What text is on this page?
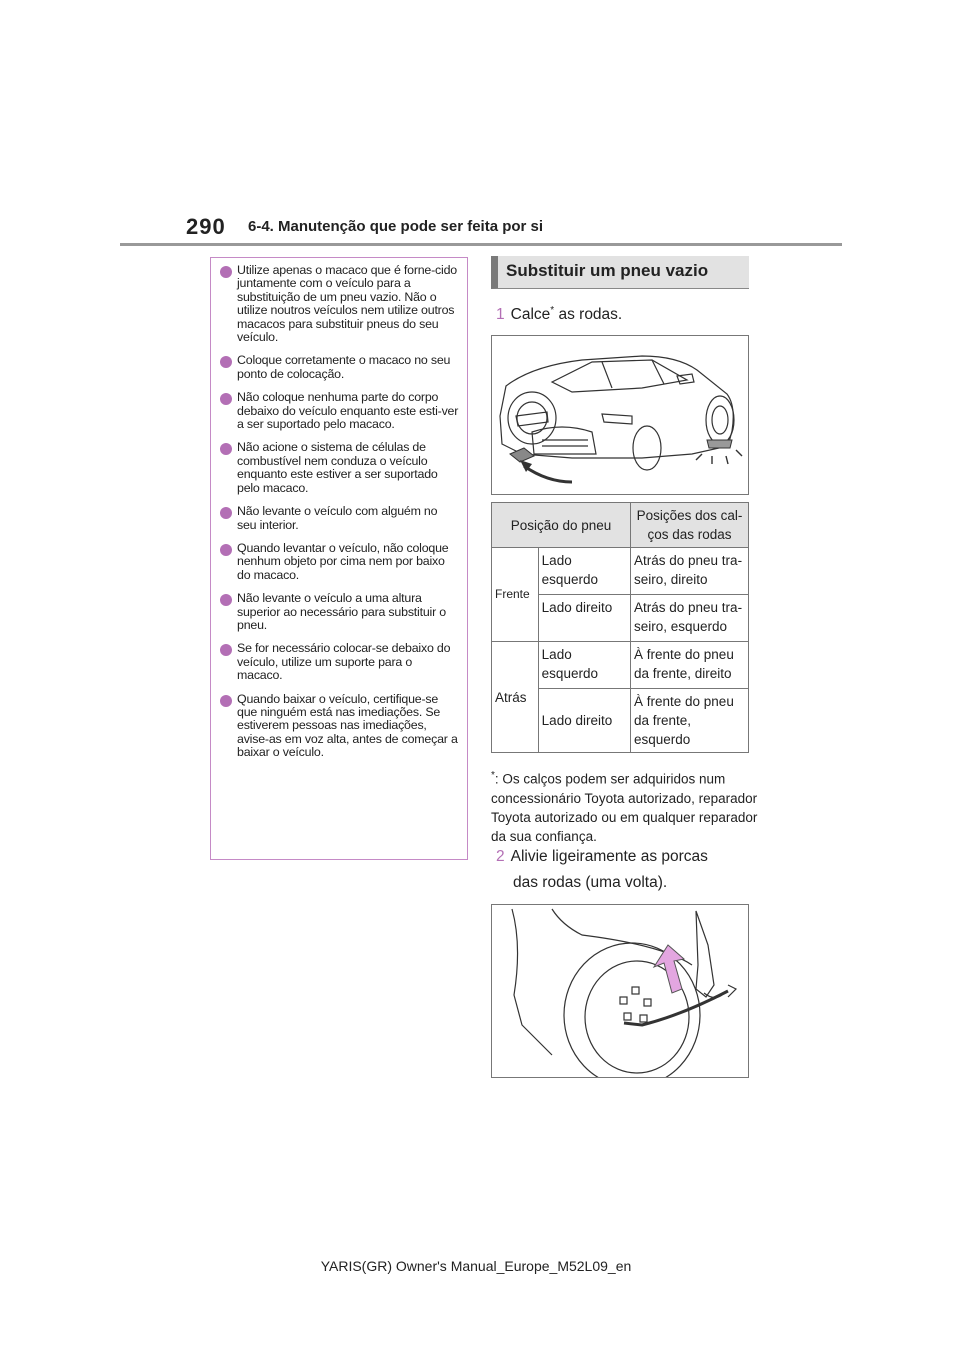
290 6-4. Manutenção que pode ser feita por si
Utilize apenas o macaco que é forne-cido juntamente com o veículo para a substituição de um pneu vazio. Não o utilize noutros veículos nem utilize outros macacos para substituir pneus do seu veículo.
Coloque corretamente o macaco no seu ponto de colocação.
Não coloque nenhuma parte do corpo debaixo do veículo enquanto este esti-ver a ser suportado pelo macaco.
Não acione o sistema de células de combustível nem conduza o veículo enquanto este estiver a ser suportado pelo macaco.
Não levante o veículo com alguém no seu interior.
Quando levantar o veículo, não coloque nenhum objeto por cima nem por baixo do macaco.
Não levante o veículo a uma altura superior ao necessário para substituir o pneu.
Se for necessário colocar-se debaixo do veículo, utilize um suporte para o macaco.
Quando baixar o veículo, certifique-se que ninguém está nas imediações. Se estiverem pessoas nas imediações, avise-as em voz alta, antes de começar a baixar o veículo.
Substituir um pneu vazio
1 Calce* as rodas.
Posição do pneu		Posições dos cal-ços das rodas
Frente	Lado esquerdo	Atrás do pneu tra-seiro, direito
	Lado direito	Atrás do pneu tra-seiro, esquerdo
Atrás	Lado esquerdo	À frente do pneu da frente, direito
	Lado direito	À frente do pneu da frente, esquerdo
*: Os calços podem ser adquiridos num concessionário Toyota autorizado, reparador Toyota autorizado ou em qualquer reparador da sua confiança.
2 Alivie ligeiramente as porcas
das rodas (uma volta).
YARIS(GR) Owner's Manual_Europe_M52L09_en
